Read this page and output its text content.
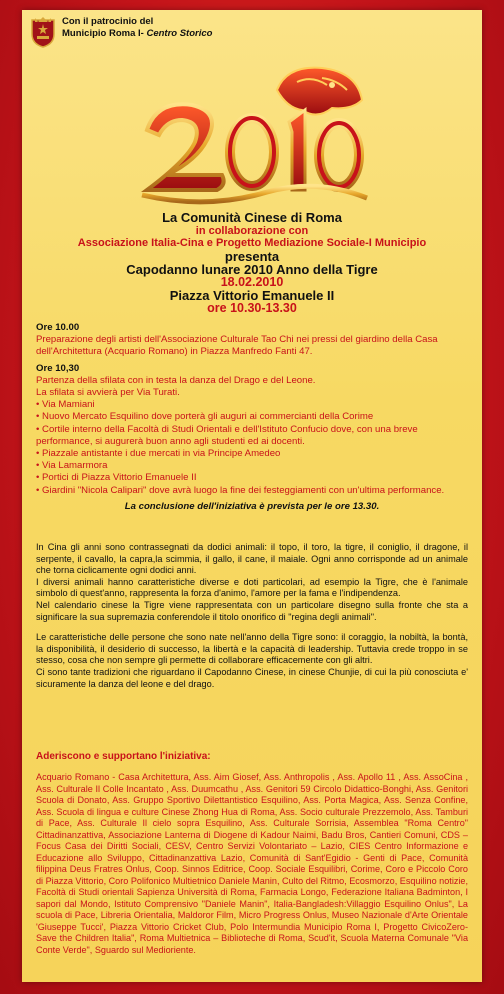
Con il patrocinio del
Municipio Roma I- Centro Storico
La Comunità Cinese di Roma
in collaborazione con
Associazione Italia-Cina e Progetto Mediazione Sociale-I Municipio
presenta
Capodanno lunare 2010 Anno della Tigre
18.02.2010
Piazza Vittorio Emanuele II
ore 10.30-13.30

Ore 10.00

Preparazione degli artisti dell'Associazione Culturale Tao Chi nei pressi del giardino della Casa dell'Architettura (Acquario Romano) in Piazza Manfredo Fanti 47.

Ore 10,30

Partenza della sfilata con in testa la danza del Drago e del Leone.

La sfilata si avvierà per Via Turati.

• Via Mamiani

• Nuovo Mercato Esquilino dove porterà gli auguri ai commercianti della Corime

• Cortile interno della Facoltà di Studi Orientali e dell'Istituto Confucio dove, con una breve performance, si augurerà buon anno agli studenti ed ai docenti.

• Piazzale antistante i due mercati in via Principe Amedeo

• Via Lamarmora

• Portici di Piazza Vittorio Emanuele II

• Giardini "Nicola Calipari" dove avrà luogo la fine dei festeggiamenti con un'ultima performance.

La conclusione dell'iniziativa è prevista per le ore 13.30.

In Cina gli anni sono contrassegnati da dodici animali: il topo, il toro, la tigre, il coniglio, il dragone, il serpente, il cavallo, la capra,la scimmia, il gallo, il cane, il maiale. Ogni anno corrisponde ad un animale che torna ciclicamente ogni dodici anni.

I diversi animali hanno caratteristiche diverse e doti particolari, ad esempio la Tigre, che è l'animale simbolo di quest'anno, rappresenta la forza d'animo, l'amore per la fama e l'indipendenza.

Nel calendario cinese la Tigre viene rappresentata con un particolare disegno sulla fronte che sta a significare la sua supremazia conferendole il titolo onorifico di "regina degli animali".

Le caratteristiche delle persone che sono nate nell'anno della Tigre sono: il coraggio, la nobiltà, la bontà, la disponibilità, il desiderio di successo, la libertà e la capacità di leadership. Tuttavia crede troppo in se stesso, cosa che non sempre gli permette di collaborare efficacemente con gli altri.

Ci sono tante tradizioni che riguardano il Capodanno Cinese, in cinese Chunjie, di cui la più conosciuta e' sicuramente la danza del leone e del drago.

Aderiscono e supportano l'iniziativa:

Acquario Romano - Casa Architettura, Ass. Aim Giosef, Ass. Anthropolis , Ass. Apollo 11 , Ass. AssoCina , Ass. Culturale Il Colle Incantato , Ass. Duumcathu , Ass. Genitori 59 Circolo Didattico-Bonghi, Ass. Genitori Scuola di Donato, Ass. Gruppo Sportivo Dilettantistico Esquilino, Ass. Porta Magica, Ass. Senza Confine, Ass. Scuola di lingua e culture Cinese Zhong Hua di Roma, Ass. Socio culturale Prezzemolo, Ass. Tamburi di Pace, Ass. Culturale Il cielo sopra Esquilino, Ass. Culturale Sorrisia, Assemblea "Roma Centro" Cittadinanzattiva, Associazione Lanterna di Diogene di Kadour Naimi, Badu Bros, Cantieri Comuni, CDS – Focus Casa dei Diritti Sociali, CESV, Centro Servizi Volontariato – Lazio, CIES Centro Informazione e Educazione allo Sviluppo, Cittadinanzattiva Lazio, Comunità di Sant'Egidio - Genti di Pace, Comunità filippina Deus Fratres Onlus, Coop. Sinnos Editrice, Coop. Sociale Esquilibri, Corime, Coro e Piccolo Coro di Piazza Vittorio, Coro Polifonico Multietnico Daniele Manin, Culto del Ritmo, Ecosmorzo, Esquilino notizie, Facoltà di Studi orientali Sapienza Università di Roma, Farmacia Longo, Federazione Italiana Badminton, I sapori dal Mondo, Istituto Comprensivo "Daniele Manin", Italia-Bangladesh:Villaggio Esquilino Onlus", La scuola di Pace, Libreria Orientalia, Maldoror Film, Micro Progress Onlus, Museo Nazionale d'Arte Orientale 'Giuseppe Tucci', Piazza Vittorio Cricket Club, Polo Intermundia Municipio Roma I, Progetto CivicoZero- Save the Children Italia", Roma Multietnica – Biblioteche di Roma, Scud'it, Scuola Materna Comunale "Via Conte Verde", Sguardo sul Medioriente.
